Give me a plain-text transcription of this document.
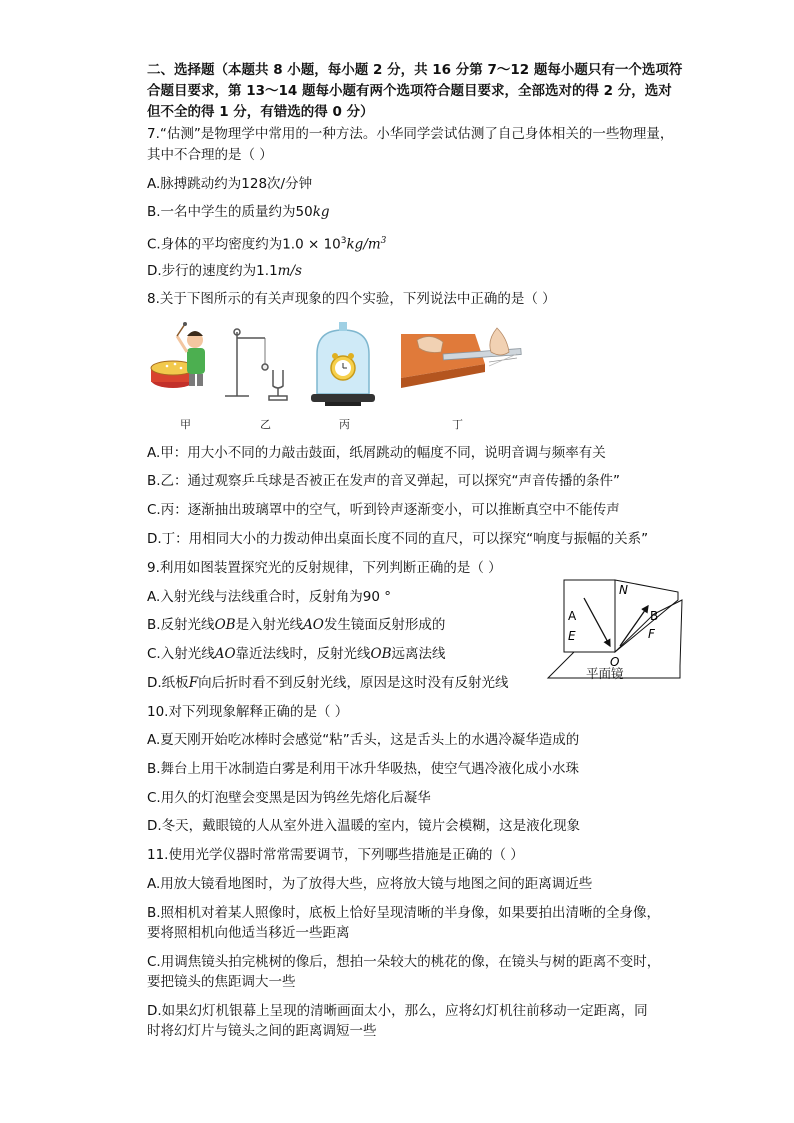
二、选择题（本题共 8 小题，每小题 2 分，共 16 分第 7～12 题每小题只有一个选项符
合题目要求，第 13～14 题每小题有两个选项符合题目要求，全部选对的得 2 分，选对
但不全的得 1 分，有错选的得 0 分）
7.“估测”是物理学中常用的一种方法。小华同学尝试估测了自己身体相关的一些物理量，
其中不合理的是（ ）
A.脉搏跳动约为128次/分钟
B.一名中学生的质量约为50kg
C.身体的平均密度约为$1.0 \times 10^3kg/m^3$
D.步行的速度约为1.1m/s
8.关于下图所示的有关声现象的四个实验，下列说法中正确的是（ ）
甲	乙	丙	丁
A.甲：用大小不同的力敲击鼓面，纸屑跳动的幅度不同，说明音调与频率有关
B.乙：通过观察乒乓球是否被正在发声的音叉弹起，可以探究“声音传播的条件”
C.丙：逐渐抽出玻璃罩中的空气，听到铃声逐渐变小，可以推断真空中不能传声
D.丁：用相同大小的力拨动伸出桌面长度不同的直尺，可以探究“响度与振幅的关系”
9.利用如图装置探究光的反射规律，下列判断正确的是（ ）
A.入射光线与法线重合时，反射角为90 °
B.反射光线OB是入射光线AO发生镜面反射形成的
C.入射光线AO靠近法线时，反射光线OB远离法线
D.纸板F向后折时看不到反射光线，原因是这时没有反射光线
N
A
E
B
F
O
平面镜
10.对下列现象解释正确的是（ ）
A.夏天刚开始吃冰棒时会感觉“粘”舌头，这是舌头上的水遇冷凝华造成的
B.舞台上用干冰制造白雾是利用干冰升华吸热，使空气遇冷液化成小水珠
C.用久的灯泡壁会变黑是因为钨丝先熔化后凝华
D.冬天，戴眼镜的人从室外进入温暖的室内，镜片会模糊，这是液化现象
11.使用光学仪器时常常需要调节，下列哪些措施是正确的（ ）
A.用放大镜看地图时，为了放得大些，应将放大镜与地图之间的距离调近些
B.照相机对着某人照像时，底板上恰好呈现清晰的半身像，如果要拍出清晰的全身像，
要将照相机向他适当移近一些距离
C.用调焦镜头拍完桃树的像后，想拍一朵较大的桃花的像，在镜头与树的距离不变时，
要把镜头的焦距调大一些
D.如果幻灯机银幕上呈现的清晰画面太小，那么，应将幻灯机往前移动一定距离，同
时将幻灯片与镜头之间的距离调短一些
